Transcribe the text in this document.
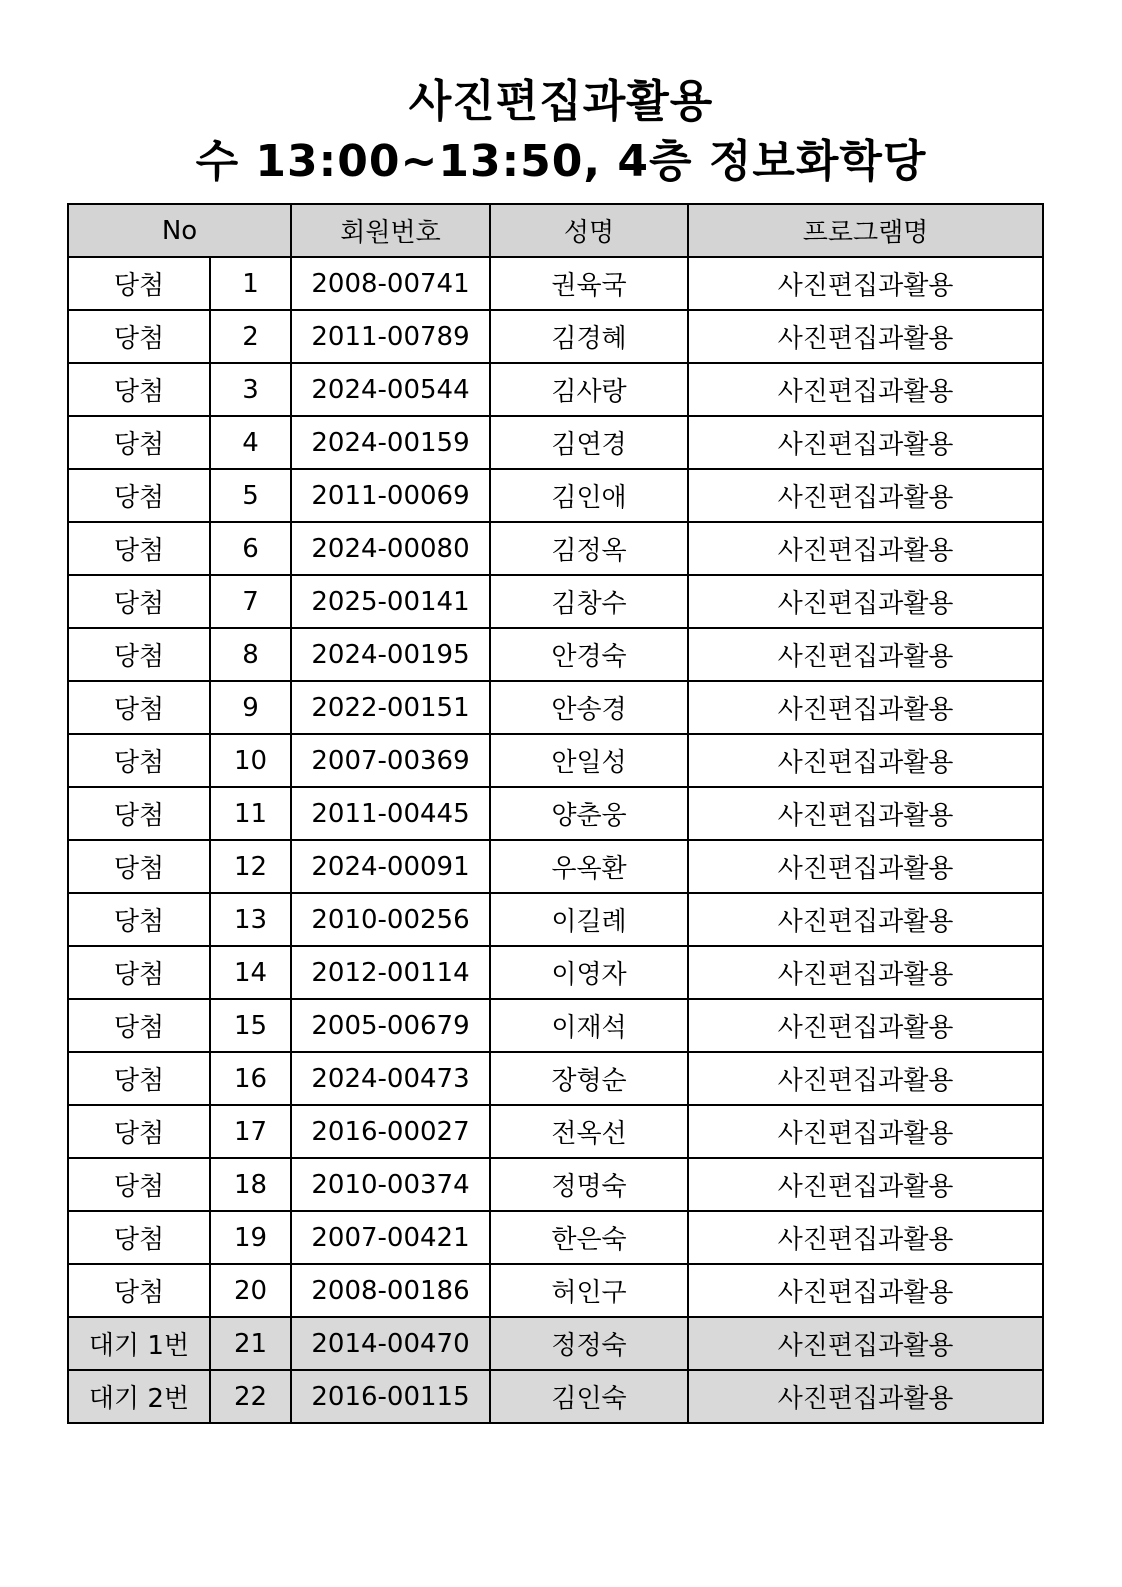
사진편집과활용
수 13:00~13:50, 4층 정보화학당
No		회원번호	성명	프로그램명
당첨	1	2008-00741	권육국	사진편집과활용
당첨	2	2011-00789	김경혜	사진편집과활용
당첨	3	2024-00544	김사랑	사진편집과활용
당첨	4	2024-00159	김연경	사진편집과활용
당첨	5	2011-00069	김인애	사진편집과활용
당첨	6	2024-00080	김정옥	사진편집과활용
당첨	7	2025-00141	김창수	사진편집과활용
당첨	8	2024-00195	안경숙	사진편집과활용
당첨	9	2022-00151	안송경	사진편집과활용
당첨	10	2007-00369	안일성	사진편집과활용
당첨	11	2011-00445	양춘웅	사진편집과활용
당첨	12	2024-00091	우옥환	사진편집과활용
당첨	13	2010-00256	이길례	사진편집과활용
당첨	14	2012-00114	이영자	사진편집과활용
당첨	15	2005-00679	이재석	사진편집과활용
당첨	16	2024-00473	장형순	사진편집과활용
당첨	17	2016-00027	전옥선	사진편집과활용
당첨	18	2010-00374	정명숙	사진편집과활용
당첨	19	2007-00421	한은숙	사진편집과활용
당첨	20	2008-00186	허인구	사진편집과활용
대기 1번	21	2014-00470	정정숙	사진편집과활용
대기 2번	22	2016-00115	김인숙	사진편집과활용
